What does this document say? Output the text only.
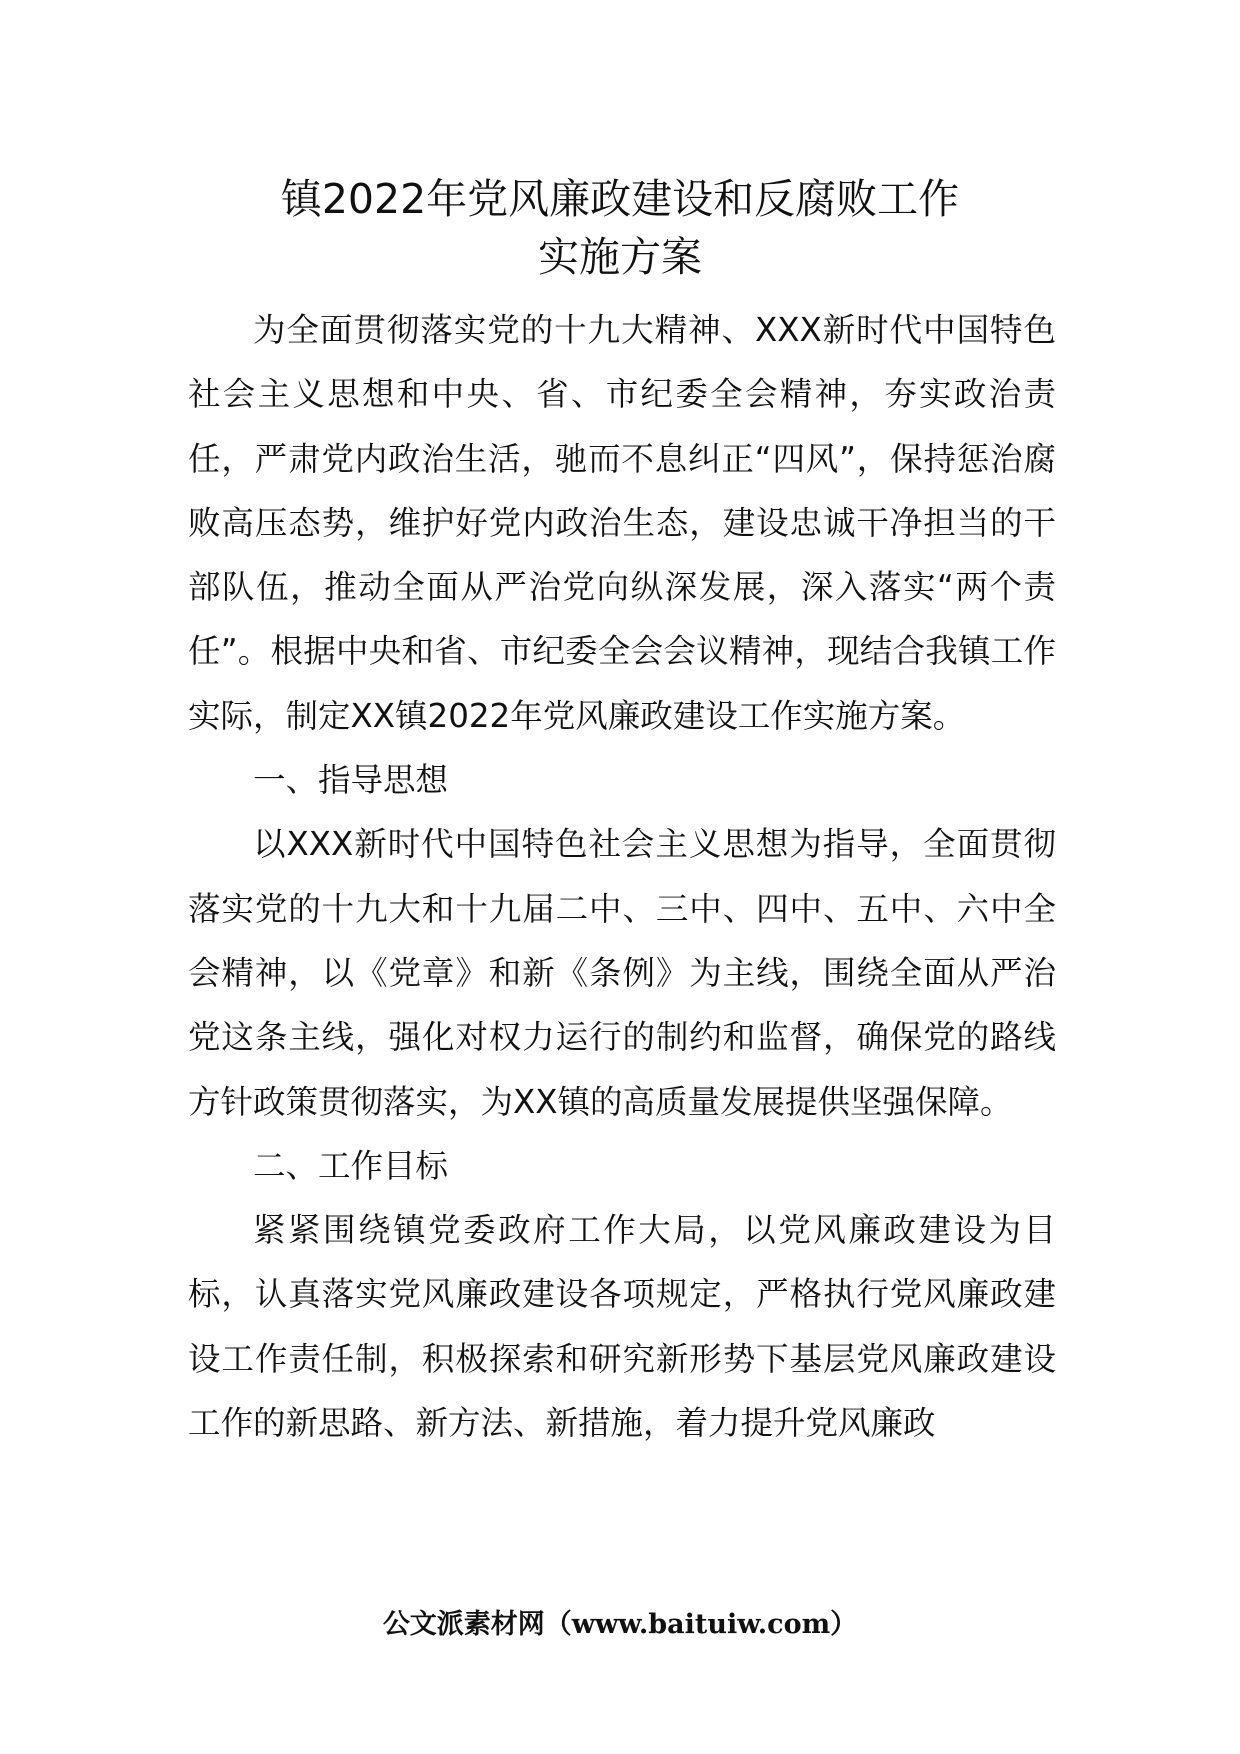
镇2022年党风廉政建设和反腐败工作
实施方案

为全面贯彻落实党的十九大精神、XXX新时代中国特色社会主义思想和中央、省、市纪委全会精神，夯实政治责任，严肃党内政治生活，驰而不息纠正“四风”，保持惩治腐败高压态势，维护好党内政治生态，建设忠诚干净担当的干部队伍，推动全面从严治党向纵深发展，深入落实“两个责任”。根据中央和省、市纪委全会会议精神，现结合我镇工作实际，制定XX镇2022年党风廉政建设工作实施方案。

一、指导思想

以XXX新时代中国特色社会主义思想为指导，全面贯彻落实党的十九大和十九届二中、三中、四中、五中、六中全会精神，以《党章》和新《条例》为主线，围绕全面从严治党这条主线，强化对权力运行的制约和监督，确保党的路线方针政策贯彻落实，为XX镇的高质量发展提供坚强保障。

二、工作目标

紧紧围绕镇党委政府工作大局，以党风廉政建设为目标，认真落实党风廉政建设各项规定，严格执行党风廉政建设工作责任制，积极探索和研究新形势下基层党风廉政建设工作的新思路、新方法、新措施，着力提升党风廉政

公文派素材网（www.baituiw.com）
